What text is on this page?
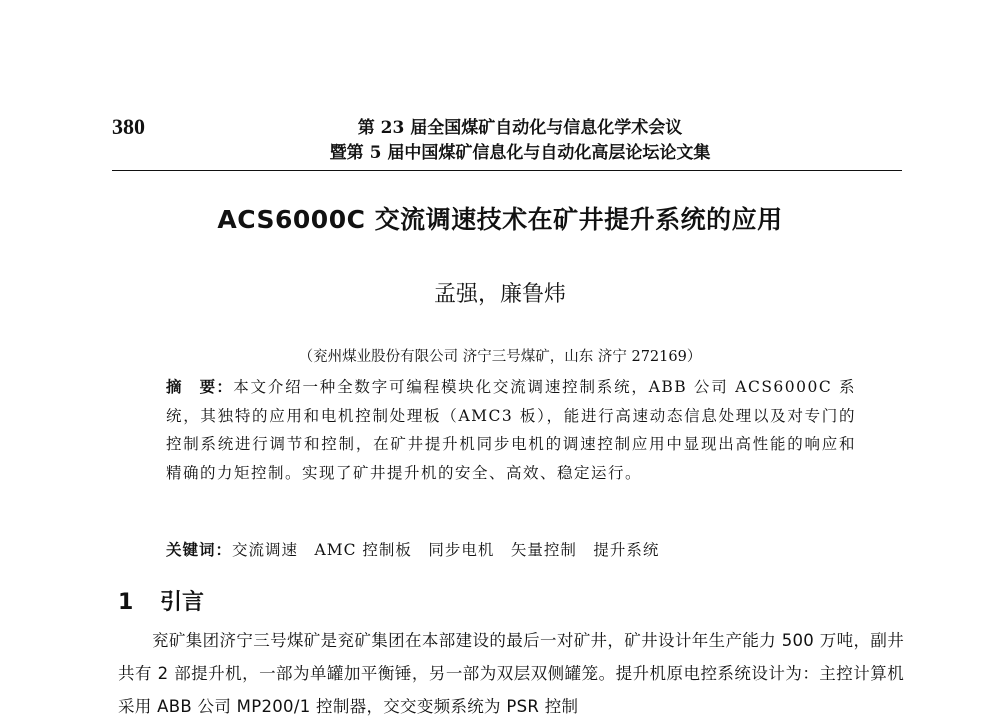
380	第 23 届全国煤矿自动化与信息化学术会议
暨第 5 届中国煤矿信息化与自动化高层论坛论文集
ACS6000C 交流调速技术在矿井提升系统的应用
孟强，廉鲁炜
（兖州煤业股份有限公司 济宁三号煤矿，山东 济宁 272169）
摘　要：本文介绍一种全数字可编程模块化交流调速控制系统，ABB 公司 ACS6000C 系统，其独特的应用和电机控制处理板（AMC3 板），能进行高速动态信息处理以及对专门的控制系统进行调节和控制，在矿井提升机同步电机的调速控制应用中显现出高性能的响应和精确的力矩控制。实现了矿井提升机的安全、高效、稳定运行。
关键词：交流调速　AMC 控制板　同步电机　矢量控制　提升系统
1 引言
兖矿集团济宁三号煤矿是兖矿集团在本部建设的最后一对矿井，矿井设计年生产能力 500 万吨，副井共有 2 部提升机，一部为单罐加平衡锤，另一部为双层双侧罐笼。提升机原电控系统设计为：主控计算机采用 ABB 公司 MP200/1 控制器，交交变频系统为 PSR 控制
